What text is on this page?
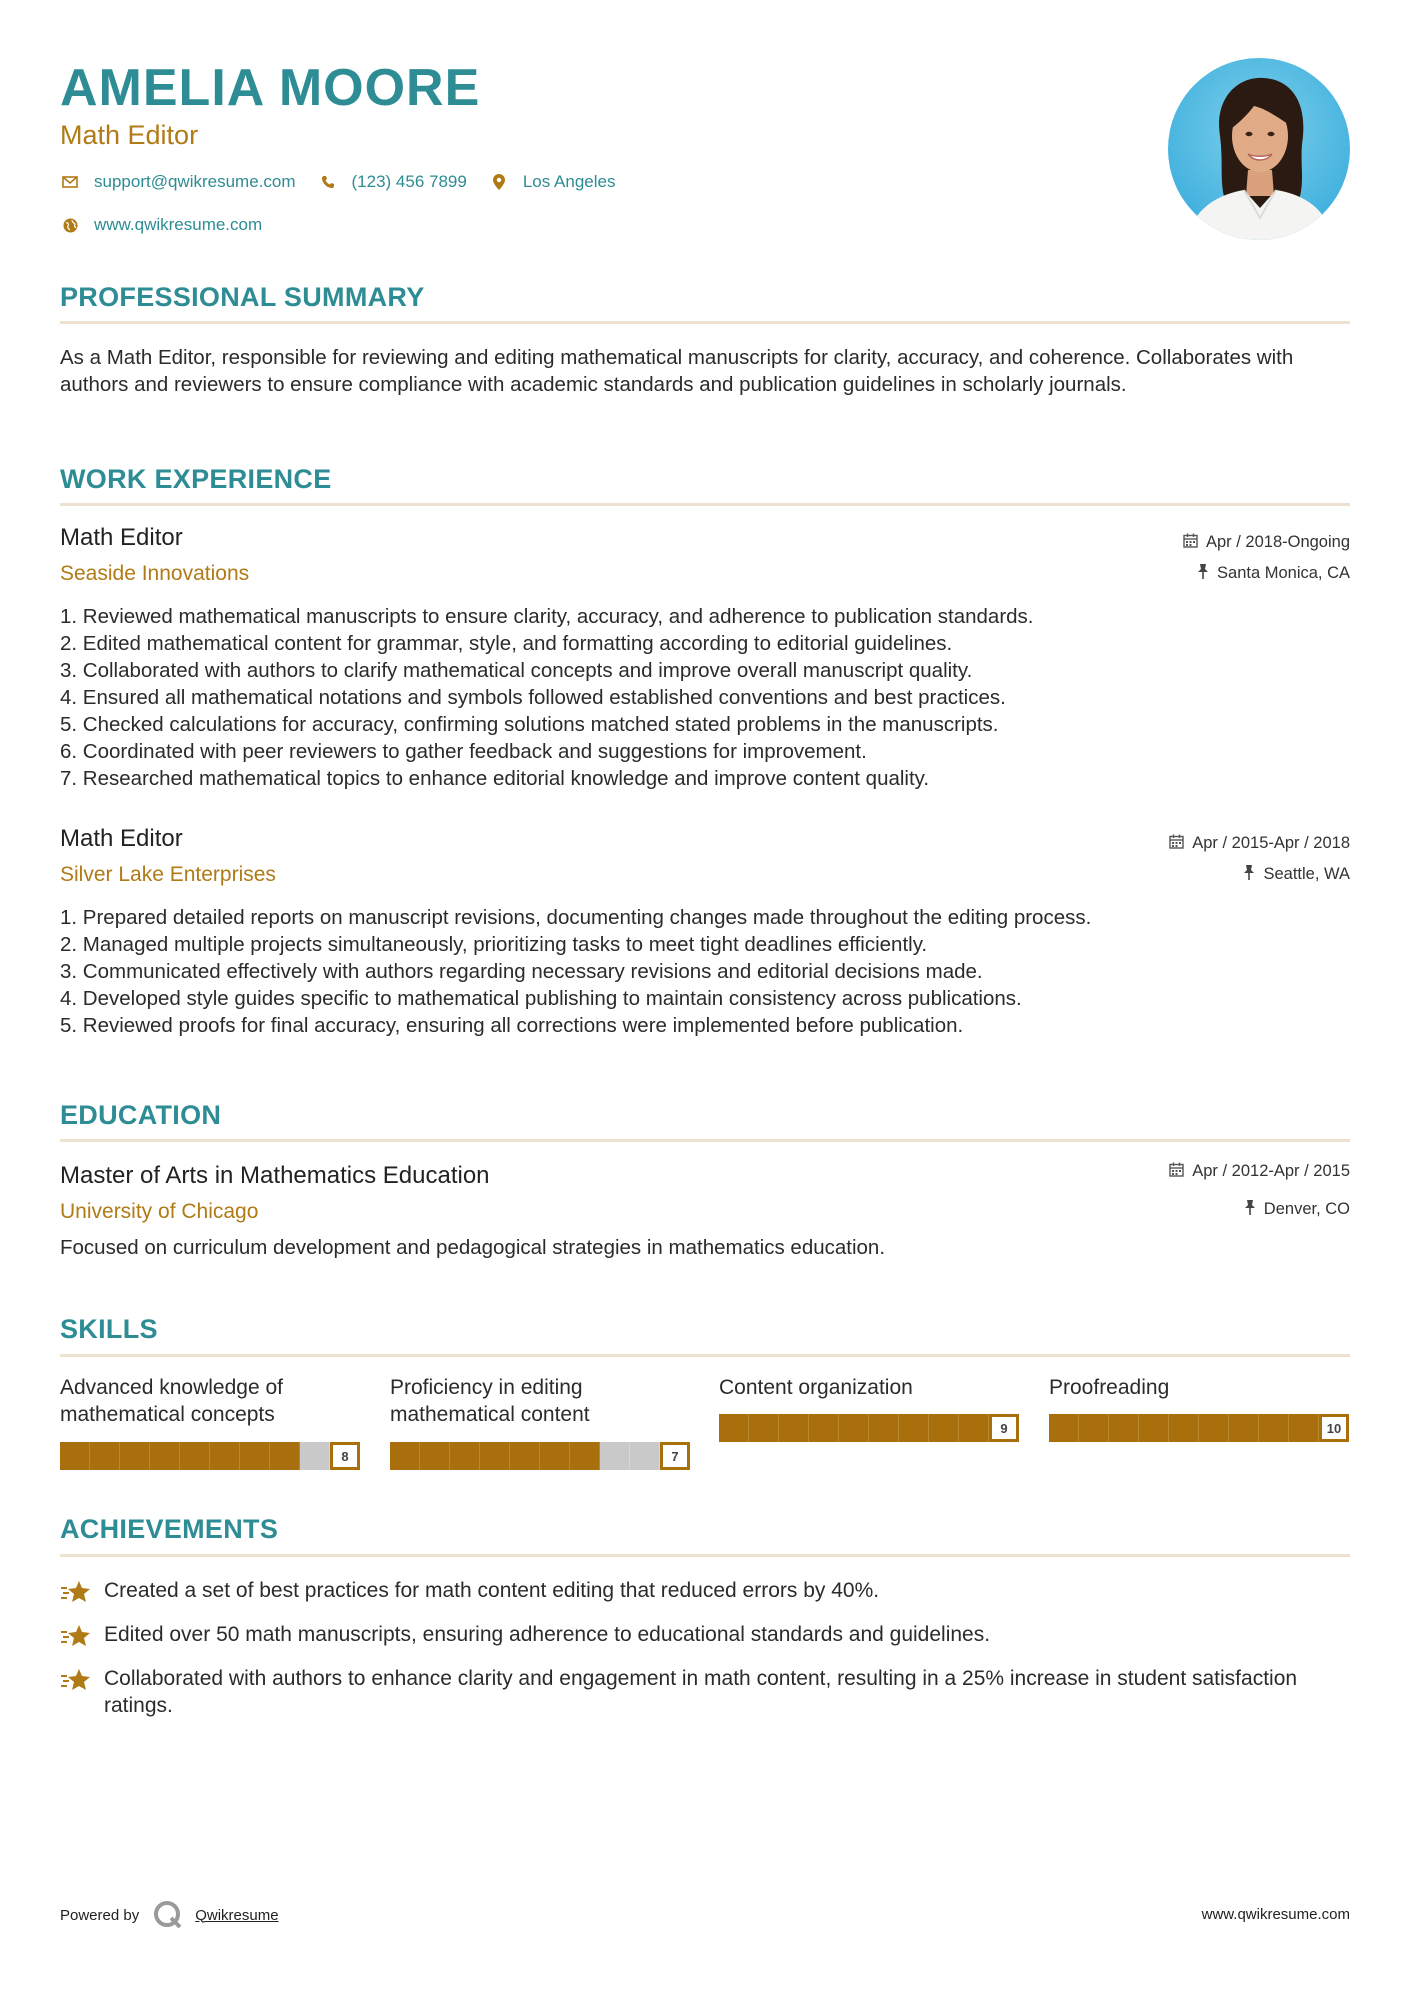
AMELIA MOORE
Math Editor
support@qwikresume.com	(123) 456 7899	Los Angeles
www.qwikresume.com
PROFESSIONAL SUMMARY
As a Math Editor, responsible for reviewing and editing mathematical manuscripts for clarity, accuracy, and coherence. Collaborates with authors and reviewers to ensure compliance with academic standards and publication guidelines in scholarly journals.
WORK EXPERIENCE
Math Editor
Seaside Innovations
Apr / 2018-Ongoing
Santa Monica, CA
1. Reviewed mathematical manuscripts to ensure clarity, accuracy, and adherence to publication standards.
2. Edited mathematical content for grammar, style, and formatting according to editorial guidelines.
3. Collaborated with authors to clarify mathematical concepts and improve overall manuscript quality.
4. Ensured all mathematical notations and symbols followed established conventions and best practices.
5. Checked calculations for accuracy, confirming solutions matched stated problems in the manuscripts.
6. Coordinated with peer reviewers to gather feedback and suggestions for improvement.
7. Researched mathematical topics to enhance editorial knowledge and improve content quality.
Math Editor
Silver Lake Enterprises
Apr / 2015-Apr / 2018
Seattle, WA
1. Prepared detailed reports on manuscript revisions, documenting changes made throughout the editing process.
2. Managed multiple projects simultaneously, prioritizing tasks to meet tight deadlines efficiently.
3. Communicated effectively with authors regarding necessary revisions and editorial decisions made.
4. Developed style guides specific to mathematical publishing to maintain consistency across publications.
5. Reviewed proofs for final accuracy, ensuring all corrections were implemented before publication.
EDUCATION
Master of Arts in Mathematics Education
University of Chicago
Apr / 2012-Apr / 2015
Denver, CO
Focused on curriculum development and pedagogical strategies in mathematics education.
SKILLS
Advanced knowledge of mathematical concepts
8
Proficiency in editing mathematical content
7
Content organization
9
Proofreading
10
ACHIEVEMENTS
Created a set of best practices for math content editing that reduced errors by 40%.
Edited over 50 math manuscripts, ensuring adherence to educational standards and guidelines.
Collaborated with authors to enhance clarity and engagement in math content, resulting in a 25% increase in student satisfaction ratings.
Powered by	Qwikresume	www.qwikresume.com
